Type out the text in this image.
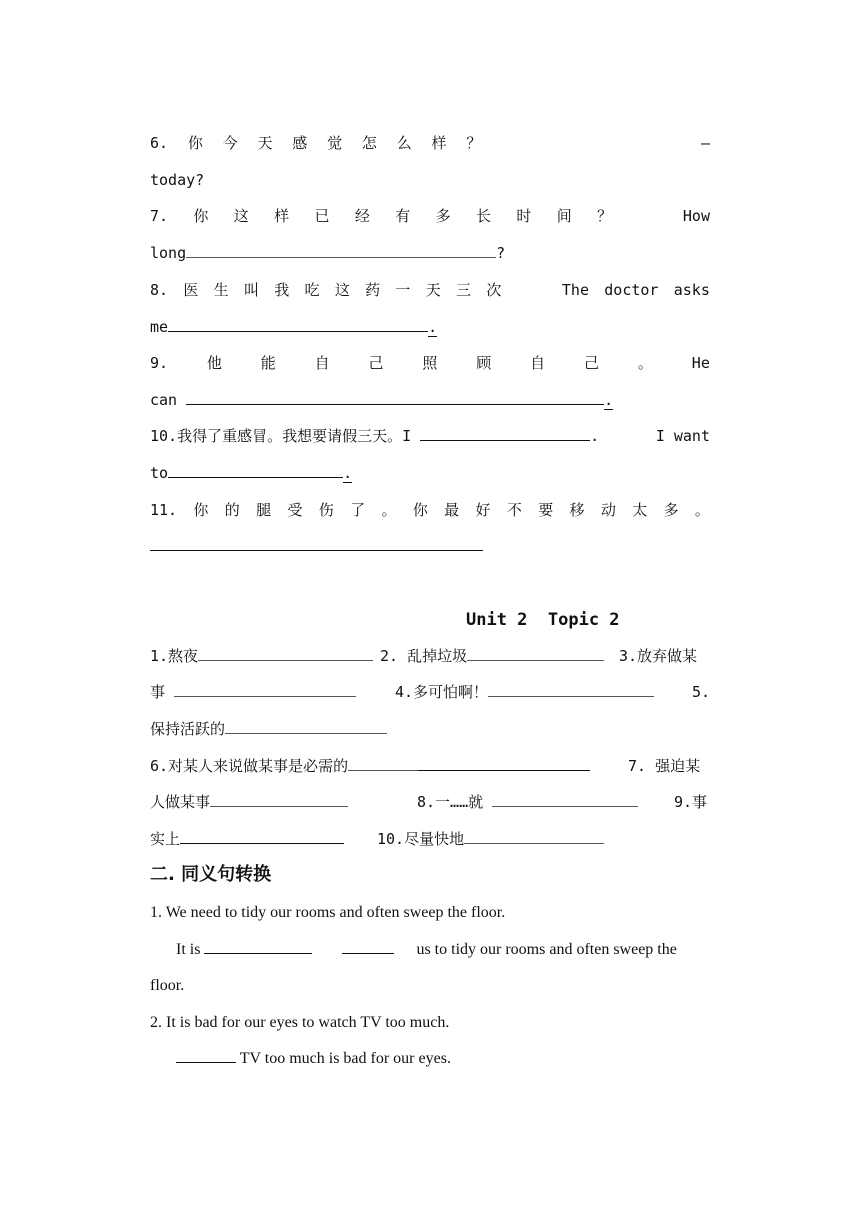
6. 你 今 天 感 觉 怎 么 样 ？	—
today?
7. 你 这 样 已 经 有 多 长 时 间 ？	How
long	?
8. 医 生 叫 我 吃 这 药 一 天 三 次	The doctor asks
me	.
9.	他	能	自	己	照	顾	自	己	。	He
can	.
10.我得了重感冒。我想要请假三天。I	.	I want
to	.
11. 你 的 腿 受 伤 了 。 你 最 好 不 要 移 动 太 多 。
Unit 2  Topic 2
1.熬夜	2. 乱掉垃圾	3.放弃做某
事	4.多可怕啊！	5.
保持活跃的
6.对某人来说做某事是必需的	7. 强迫某
人做某事	8.一……就	9.事
实上	10.尽量快地
二. 同义句转换
1. We need to tidy our rooms and often sweep the floor.
It is	us to tidy our rooms and often sweep the
floor.
2. It is bad for our eyes to watch TV too much.
TV too much is bad for our eyes.
